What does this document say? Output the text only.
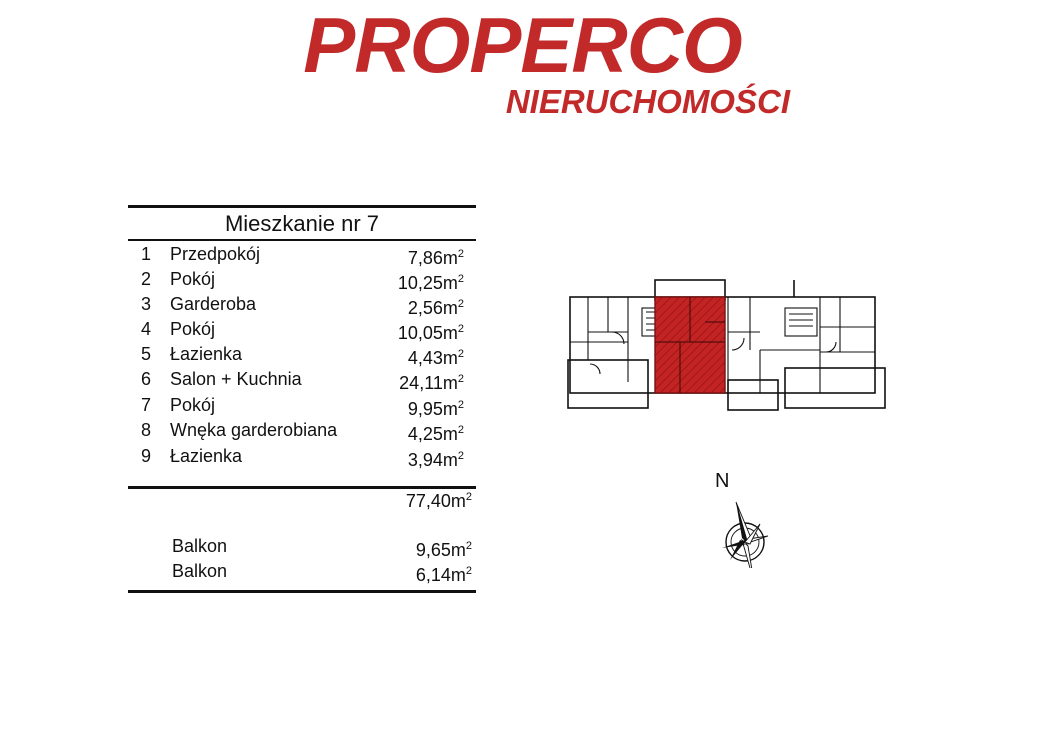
PROPERCO
NIERUCHOMOŚCI
Mieszkanie nr 7
1 Przedpokój	$7,86m^2$
2 Pokój	$10,25m^2$
3 Garderoba	$2,56m^2$
4 Pokój	$10,05m^2$
5 Łazienka	$4,43m^2$
6 Salon + Kuchnia	$24,11m^2$
7 Pokój	$9,95m^2$
8 Wnęka garderobiana	$4,25m^2$
9 Łazienka	$3,94m^2$
$77,40m^2$
Balkon	$9,65m^2$
Balkon	$6,14m^2$
N
